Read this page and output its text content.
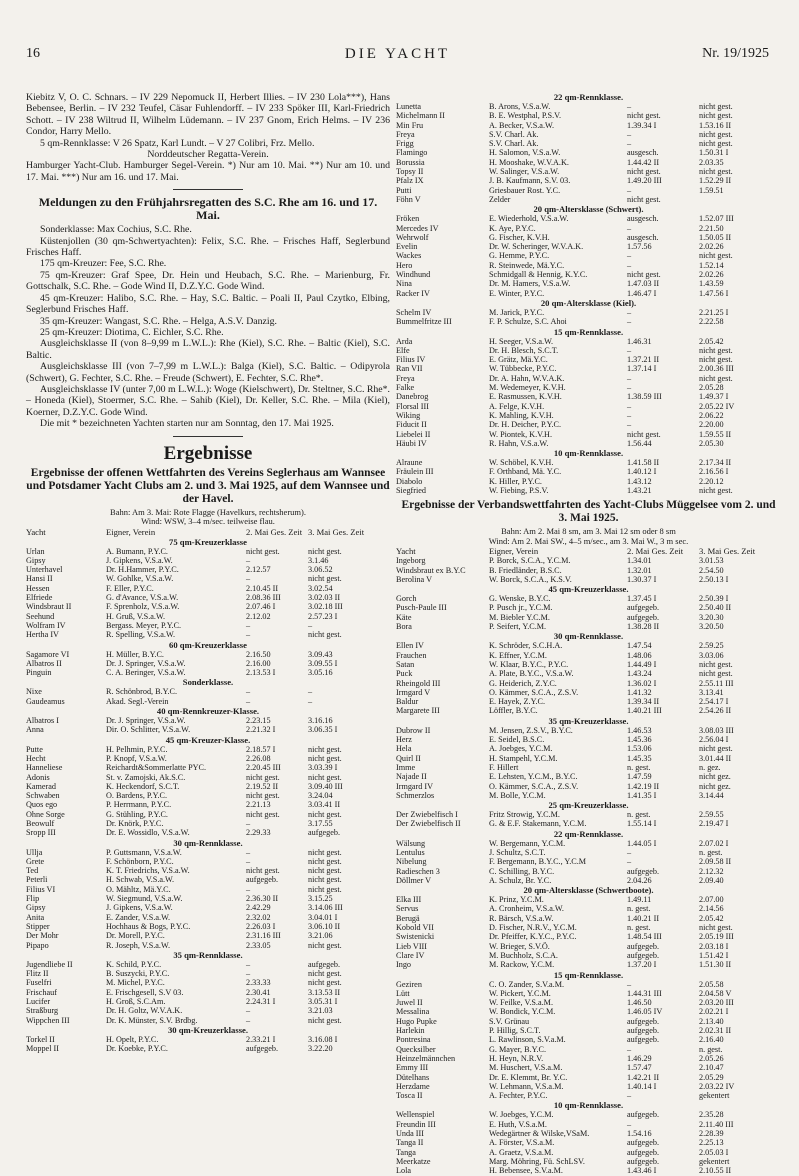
16	DIE YACHT	Nr. 19/1925

Kiebitz V, O. C. Schnars. – IV 229 Nepomuck II, Herbert Illies. – IV 230 Lola***), Hans Bebensee, Berlin. – IV 232 Teufel, Cäsar Fuhlendorff. – IV 233 Spöker III, Karl-Friedrich Schott. – IV 238 Wiltrud II, Wilhelm Lüdemann. – IV 237 Gnom, Erich Helms. – IV 236 Condor, Harry Mello.

5 qm-Rennklasse: V 26 Spatz, Karl Lundt. – V 27 Colibri, Frz. Mello.

Norddeutscher Regatta-Verein.

Hamburger Yacht-Club. Hamburger Segel-Verein. *) Nur am 10. Mai. **) Nur am 10. und 17. Mai. ***) Nur am 16. und 17. Mai.

Meldungen zu den Frühjahrsregatten des S.C. Rhe am 16. und 17. Mai.

Sonderklasse: Max Cochius, S.C. Rhe.

Küstenjollen (30 qm-Schwertyachten): Felix, S.C. Rhe. – Frisches Haff, Seglerbund Frisches Haff.

175 qm-Kreuzer: Fee, S.C. Rhe.

75 qm-Kreuzer: Graf Spee, Dr. Hein und Heubach, S.C. Rhe. – Marienburg, Fr. Gottschalk, S.C. Rhe. – Gode Wind II, D.Z.Y.C. Gode Wind.

45 qm-Kreuzer: Halibo, S.C. Rhe. – Hay, S.C. Baltic. – Poali II, Paul Czytko, Elbing, Seglerbund Frisches Haff.

35 qm-Kreuzer: Wangast, S.C. Rhe. – Helga, A.S.V. Danzig.

25 qm-Kreuzer: Diotima, C. Eichler, S.C. Rhe.

Ausgleichsklasse II (von 8–9,99 m L.W.L.): Rhe (Kiel), S.C. Rhe. – Baltic (Kiel), S.C. Baltic.

Ausgleichsklasse III (von 7–7,99 m L.W.L.): Balga (Kiel), S.C. Baltic. – Odipyrola (Schwert), G. Fechter, S.C. Rhe. – Freude (Schwert), E. Fechter, S.C. Rhe*.

Ausgleichsklasse IV (unter 7,00 m L.W.L.): Woge (Kielschwert), Dr. Steltner, S.C. Rhe*. – Honeda (Kiel), Stoermer, S.C. Rhe. – Sahib (Kiel), Dr. Keller, S.C. Rhe. – Mila (Kiel), Koerner, D.Z.Y.C. Gode Wind.

Die mit * bezeichneten Yachten starten nur am Sonntag, den 17. Mai 1925.

Ergebnisse
Ergebnisse der offenen Wettfahrten des Vereins Seglerhaus am Wannsee und Potsdamer Yacht Clubs am 2. und 3. Mai 1925, auf dem Wannsee und der Havel.
Bahn: Am 3. Mai: Rote Flagge (Havelkurs, rechtsherum).
Wind: WSW, 3–4 m/sec. teilweise flau.
Yacht	Eigner, Verein	2. Mai Ges. Zeit 3. Mai Ges. Zeit
75 qm-Kreuzerklasse
Urlan	A. Bumann, P.Y.C.	nicht gest.	nicht gest.
Gipsy	J. Gipkens, V.S.a.W.	–	3.1.46
Unterhavel	Dr. H.Hammer, P.Y.C.	2.12.57	3.06.52
Hansi II	W. Gohlke, V.S.a.W.	–	nicht gest.
Hessen	F. Eller, P.Y.C.	2.10.45 II	3.02.54
Elfriede	G. d'Avance, V.S.a.W.	2.08.36 III	3.02.03 II
Windsbraut II	F. Sprenholz, V.S.a.W.	2.07.46 I	3.02.18 III
Seehund	H. Gruß, V.S.a.W.	2.12.02	2.57.23 I
Wolfram IV	Bergass. Meyer, P.Y.C.	–	–
Hertha IV	R. Spelling, V.S.a.W.	–	nicht gest.
60 qm-Kreuzerklasse
Sagamore VI	H. Müller, B.Y.C.	2.16.50	3.09.43
Albatros II	Dr. J. Springer, V.S.a.W.	2.16.00	3.09.55 I
Pinguin	C. A. Beringer, V.S.a.W.	2.13.53 I	3.05.16
Sonderklasse.
Nixe	R. Schönbrod, B.Y.C.	–	–
Gaudeamus	Akad. Segl.-Verein	–	–
40 qm-Rennkreuzer-Klasse.
Albatros I	Dr. J. Springer, V.S.a.W.	2.23.15	3.16.16
Anna	Dir. O. Schlitter, V.S.a.W.	2.21.32 I	3.06.35 I
45 qm-Kreuzer-Klasse.
Putte	H. Pelhmin, P.Y.C.	2.18.57 I	nicht gest.
Hecht	P. Knopf, V.S.a.W.	2.26.08	nicht gest.
Hanneliese	Reichardt&Sommerlatte PYC.	2.20.45 III	3.03.39 I
Adonis	St. v. Zamojski, Ak.S.C.	nicht gest.	nicht gest.
Kamerad	K. Heckendorf, S.C.T.	2.19.52 II	3.09.40 III
Schwaben	O. Bardens, P.Y.C.	nicht gest.	3.24.04
Quos ego	P. Herrmann, P.Y.C.	2.21.13	3.03.41 II
Ohne Sorge	G. Stühling, P.Y.C.	nicht gest.	nicht gest.
Beowulf	Dr. Knörk, P.Y.C.	–	3.17.55
Sropp III	Dr. E. Wossidlo, V.S.a.W.	2.29.33	aufgegeb.
30 qm-Rennklasse.
Ullja	P. Guttsmann, V.S.a.W.	–	nicht gest.
Grete	F. Schönborn, P.Y.C.	–	nicht gest.
Ted	K. T. Friedrichs, V.S.a.W.	nicht gest.	nicht gest.
Peterli	H. Schwab, V.S.a.W.	aufgegeb.	nicht gest.
Filius VI	O. Mähltz, Mä.Y.C.	–	nicht gest.
Flip	W. Siegmund, V.S.a.W.	2.36.30 II	3.15.25
Gipsy	J. Gipkens, V.S.a.W.	2.42.29	3.14.06 III
Anita	E. Zander, V.S.a.W.	2.32.02	3.04.01 I
Stipper	Hochhaus & Bogs, P.Y.C.	2.26.03 I	3.06.10 II
Der Mohr	Dr. Morell, P.Y.C.	2.31.16 III	3.21.06
Pipapo	R. Joseph, V.S.a.W.	2.33.05	nicht gest.
35 qm-Rennklasse.
Jugendliebe II	K. Schild, P.Y.C.	–	aufgegeb.
Flitz II	B. Suszycki, P.Y.C.	–	nicht gest.
Fuselfri	M. Michel, P.Y.C.	2.33.33	nicht gest.
Frischauf	E. Frischgesell, S.V 03.	2.30.41	3.13.53 II
Lucifer	H. Groß, S.C.Am.	2.24.31 I	3.05.31 I
Straßburg	Dr. H. Goltz, W.V.A.K.	–	3.21.03
Wippchen III	Dr. K. Münster, S.V. Brdbg.	–	nicht gest.
30 qm-Kreuzerklasse.
Torkel II	H. Opelt, P.Y.C.	2.33.21 I	3.16.08 I
Moppel II	Dr. Koebke, P.Y.C.	aufgegeb.	3.22.20
22 qm-Rennklasse.
Lunetta	B. Arons, V.S.a.W.	–	nicht gest.
Michelmann II	B. E. Westphal, P.S.V.	nicht gest.	nicht gest.
Min Fru	A. Becker, V.S.a.W.	1.39.34 I	1.53.16 II
Freya	S.V. Charl. Ak.	–	nicht gest.
Frigg	S.V. Charl. Ak.	–	nicht gest.
Flamingo	H. Salomon, V.S.a.W.	ausgesch.	1.50.31 I
Borussia	H. Mooshake, W.V.A.K.	1.44.42 II	2.03.35
Topsy II	W. Salinger, V.S.a.W.	nicht gest.	nicht gest.
Pfalz IX	J. B. Kaufmann, S.V. 03.	1.49.20 III	1.52.29 II
Putti	Griesbauer Rost. Y.C.	–	1.59.51
Föhn V	Zelder	nicht gest.
20 qm-Altersklasse (Schwert).
Fröken	E. Wiederhold, V.S.a.W.	ausgesch.	1.52.07 III
Mercedes IV	K. Aye, P.Y.C.	–	2.21.50
Wehrwolf	G. Fischer, K.V.H.	ausgesch.	1.50.05 II
Evelin	Dr. W. Scheringer, W.V.A.K.	1.57.56	2.02.26
Wackes	G. Hemme, P.Y.C.	–	nicht gest.
Hero	R. Steinwede, Mä.Y.C.	–	1.52.14
Windhund	Schmidgall & Hennig, K.Y.C.	nicht gest.	2.02.26
Nina	Dr. M. Hamers, V.S.a.W.	1.47.03 II	1.43.59
Racker IV	E. Winter, P.Y.C.	1.46.47 I	1.47.56 I
20 qm-Altersklasse (Kiel).
Schelm IV	M. Jarick, P.Y.C.	–	2.21.25 I
Bummelfritze III	F. P. Schulze, S.C. Ahoi	–	2.22.58
15 qm-Rennklasse.
Arda	H. Seeger, V.S.a.W.	1.46.31	2.05.42
Elfe	Dr. H. Blesch, S.C.T.	–	nicht gest.
Filius IV	E. Grätz, Mä.Y.C.	1.37.21 II	nicht gest.
Ran VII	W. Tübbecke, P.Y.C.	1.37.14 I	2.00.36 III
Freya	Dr. A. Hahn, W.V.A.K.	–	nicht gest.
Falke	M. Wedemeyer, K.V.H.	–	2.05.28
Danebrog	E. Rasmussen, K.V.H.	1.38.59 III	1.49.37 I
Florsal III	A. Felge, K.V.H.	–	2.05.22 IV
Wiking	K. Mahling, K.V.H.	–	2.06.22
Fiducit II	Dr. H. Deicher, P.Y.C.	–	2.20.00
Liebelei II	W. Piontek, K.V.H.	nicht gest.	1.59.55 II
Häubi IV	R. Hahn, V.S.a.W.	1.56.44	2.05.30
10 qm-Rennklasse.
Alraune	W. Schöbel, K.V.H.	1.41.58 II	2.17.34 II
Fräulein III	F. Orthband, Mä. Y.C.	1.40.12 I	2.16.56 I
Diabolo	K. Hiller, P.Y.C.	1.43.12	2.20.12
Siegfried	W. Fiebing, P.S.V.	1.43.21	nicht gest.
Ergebnisse der Verbandswettfahrten des Yacht-Clubs Müggelsee vom 2. und 3. Mai 1925.
Bahn: Am 2. Mai 8 sm, am 3. Mai 12 sm oder 8 sm
Wind: Am 2. Mai SW., 4–5 m/sec., am 3. Mai W., 3 m sec.
Yacht	Eigner, Verein	2. Mai Ges. Zeit	3. Mai Ges. Zeit
Ingeborg	P. Borck, S.C.A., Y.C.M.	1.34.01	3.01.53
Windsbraut ex B.Y.C	B. Friedländer, B.S.C.	1.32.01	2.54.50
Berolina V	W. Borck, S.C.A., K.S.V.	1.30.37 I	2.50.13 I
45 qm-Kreuzerklasse.
Gorch	G. Wenske, B.Y.C.	1.37.45 I	2.50.39 I
Pusch-Paule III	P. Pusch jr., Y.C.M.	aufgegeb.	2.50.40 II
Käte	M. Biebler Y.C.M.	aufgegeb.	3.20.30
Bora	P. Seifert, Y.C.M.	1.38.28 II	3.20.50
30 qm-Rennklasse.
Ellen IV	K. Schröder, S.C.H.A.	1.47.54	2.59.25
Frauchen	K. Effner, Y.C.M.	1.48.06	3.03.06
Satan	W. Klaar, B.Y.C., P.Y.C.	1.44.49 I	nicht gest.
Puck	A. Plate, B.Y.C., V.S.a.W.	1.43.24	nicht gest.
Rheingold III	G. Heiderich, Z.Y.C.	1.36.02 I	2.55.11 III
Irmgard V	O. Kämmer, S.C.A., Z.S.V.	1.41.32	3.13.41
Baldur	E. Hayek, Z.Y.C.	1.39.34 II	2.54.17 I
Margarete III	Löffler, B.Y.C.	1.40.21 III	2.54.26 II
35 qm-Kreuzerklasse.
Dubrow II	M. Jensen, Z.S.V., B.Y.C.	1.46.53	3.08.03 III
Herz	E. Seidel, B.S.C.	1.45.36	2.56.04 I
Hela	A. Joebges, Y.C.M.	1.53.06	nicht gest.
Quirl II	H. Stampehl, Y.C.M.	1.45.35	3.01.44 II
Imme	F. Hillert	n. gest.	n. gez.
Najade II	E. Lehsten, Y.C.M., B.Y.C.	1.47.59	nicht gez.
Irmgard IV	O. Kämmer, S.C.A., Z.S.V.	1.42.19 II	nicht gez.
Schmerzlos	M. Bolle, Y.C.M.	1.41.35 I	3.14.44
25 qm-Kreuzerklasse.
Der Zwiebelfisch I	Fritz Strowig, Y.C.M.	n. gest.	2.59.55
Der Zwiebelfisch II	G. & E.F. Stakemann, Y.C.M.	1.55.14 I	2.19.47 I
22 qm-Rennklasse.
Wälsung	W. Bergemann, Y.C.M.	1.44.05 I	2.07.02 I
Lentulus	J. Schultz, S.C.T.	–	n. gest.
Nibelung	F. Bergemann, B.Y.C., Y.C.M	–	2.09.58 II
Radieschen 3	C. Schilling, B.Y.C.	aufgegeb.	2.12.32
Döllmer V	A. Schulz, Br. Y.C.	2.04.26	2.09.40
20 qm-Altersklasse (Schwertboote).
Elka III	K. Prinz, Y.C.M.	1.49.11	2.07.00
Servus	A. Cronheim, V.S.a.W.	n. gest.	2.14.56
Berugä	R. Bärsch, V.S.a.W.	1.40.21 II	2.05.42
Kobold VII	D. Fischer, N.R.V., Y.C.M.	n. gest.	nicht gest.
Swistenicki	Dr. Pfeiffer, K.Y.C., P.Y.C.	1.48.54 III	2.05.19 III
Lieb VIII	W. Brieger, S.V.Ö.	aufgegeb.	2.03.18 I
Clare IV	M. Buchholz, S.C.A.	aufgegeb.	1.51.42 I
Ingo	M. Rackow, Y.C.M.	1.37.20 I	1.51.30 II
15 qm-Rennklasse.
Geziren	C. O. Zander, S.V.a.M.	–	2.05.58
Lütt	W. Pickert, Y.C.M.	1.44.31 III	2.04.58 V
Juwel II	W. Feilke, V.S.a.M.	1.46.50	2.03.20 III
Messalina	W. Bondick, Y.C.M.	1.46.05 IV	2.02.21 I
Hugo Pupke	S.V. Grünau	aufgegeb.	2.13.40
Harlekin	P. Hillig, S.C.T.	aufgegeb.	2.02.31 II
Pontresina	L. Rawlinson, S.V.a.M.	aufgegeb.	2.16.40
Quecksilber	G. Mayer, B.Y.C.	–	n. gest.
Heinzelmännchen	H. Heyn, N.R.V.	1.46.29	2.05.26
Emmy III	M. Huschert, V.S.a.M.	1.57.47	2.10.47
Dütelhans	Dr. E. Klemmt, Br. Y.C.	1.42.21 II	2.05.29
Herzdame	W. Lehmann, V.S.a.M.	1.40.14 I	2.03.22 IV
Tosca II	A. Fechter, P.Y.C.	–	gekentert
10 qm-Rennklasse.
Wellenspiel	W. Joebges, Y.C.M.	aufgegeb.	2.35.28
Freundin III	E. Huth, V.S.a.M.	–	2.11.40 III
Unda III	Wedegärtner & Wilske,VSaM.	1.54.16	2.28.39
Tanga II	A. Förster, V.S.a.M.	aufgegeb.	2.25.13
Tanga	A. Graetz, V.S.a.M.	aufgegeb.	2.05.03 I
Meerkatze	Marg. Möhring, Fü. SchLSV.	aufgegeb.	gekentert
Lola	H. Bebensee, S.V.a.M.	1.43.46 I	2.10.55 II
